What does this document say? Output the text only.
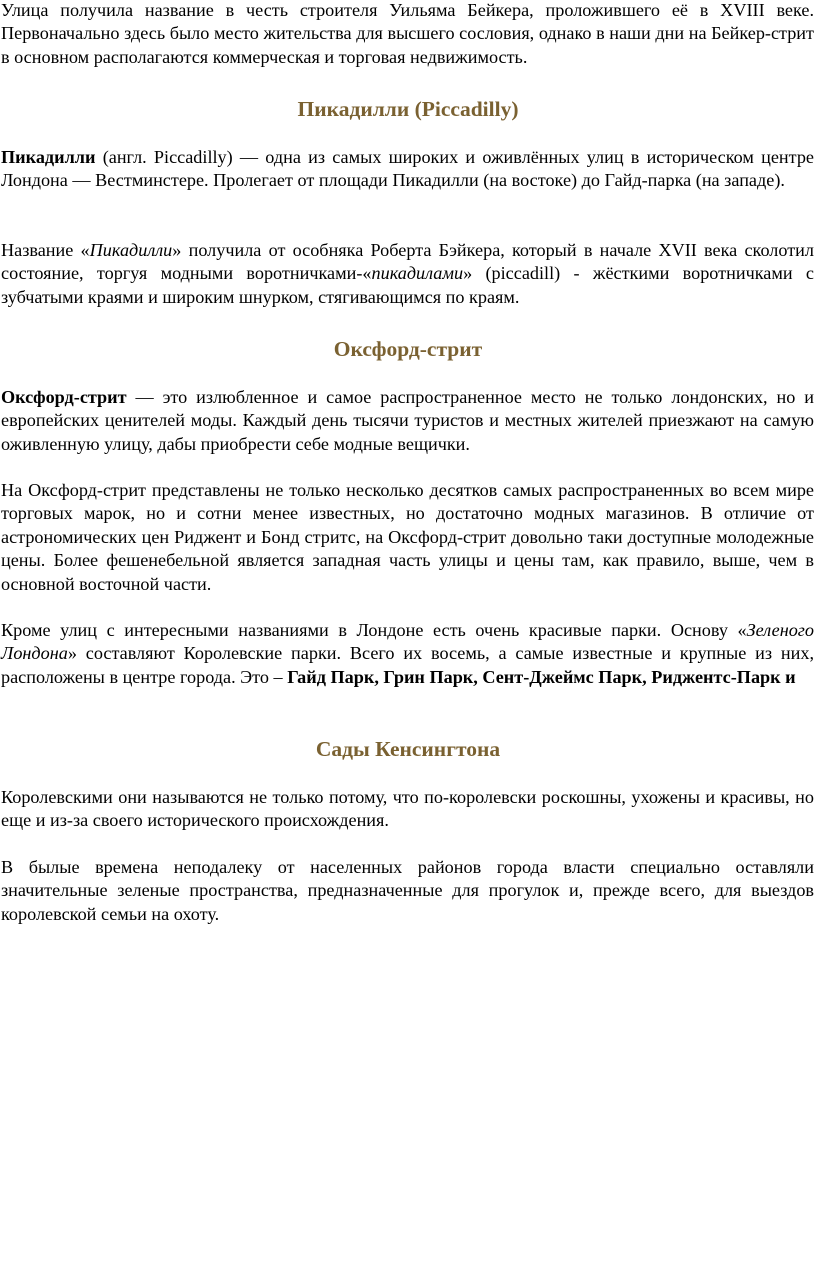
Улица получила название в честь строителя Уильяма Бейкера, проложившего её в XVIII веке. Первоначально здесь было место жительства для высшего сословия, однако в наши дни на Бейкер-стрит в основном располагаются коммерческая и торговая недвижимость.

Пикадилли (Piccadilly)

Пикадилли (англ. Piccadilly) — одна из самых широких и оживлённых улиц в историческом центре Лондона — Вестминстере. Пролегает от площади Пикадилли (на востоке) до Гайд-парка (на западе).

Название «Пикадилли» получила от особняка Роберта Бэйкера, который в начале XVII века сколотил состояние, торгуя модными воротничками-«пикадилами» (piccadill) - жёсткими воротничками с зубчатыми краями и широким шнурком, стягивающимся по краям.

Оксфорд-стрит

Оксфорд-стрит — это излюбленное и самое распространенное место не только лондонских, но и европейских ценителей моды. Каждый день тысячи туристов и местных жителей приезжают на самую оживленную улицу, дабы приобрести себе модные вещички.

На Оксфорд-стрит представлены не только несколько десятков самых распространенных во всем мире торговых марок, но и сотни менее известных, но достаточно модных магазинов. В отличие от астрономических цен Риджент и Бонд стритс, на Оксфорд-стрит довольно таки доступные молодежные цены. Более фешенебельной является западная часть улицы и цены там, как правило, выше, чем в основной восточной части.

Кроме улиц с интересными названиями в Лондоне есть очень красивые парки. Основу «Зеленого Лондона» составляют Королевские парки. Всего их восемь, а самые известные и крупные из них, расположены в центре города. Это – Гайд Парк, Грин Парк, Сент-Джеймс Парк, Риджентс-Парк и

Сады Кенсингтона

Королевскими они называются не только потому, что по-королевски роскошны, ухожены и красивы, но еще и из-за своего исторического происхождения.

В былые времена неподалеку от населенных районов города власти специально оставляли значительные зеленые пространства, предназначенные для прогулок и, прежде всего, для выездов королевской семьи на охоту.
